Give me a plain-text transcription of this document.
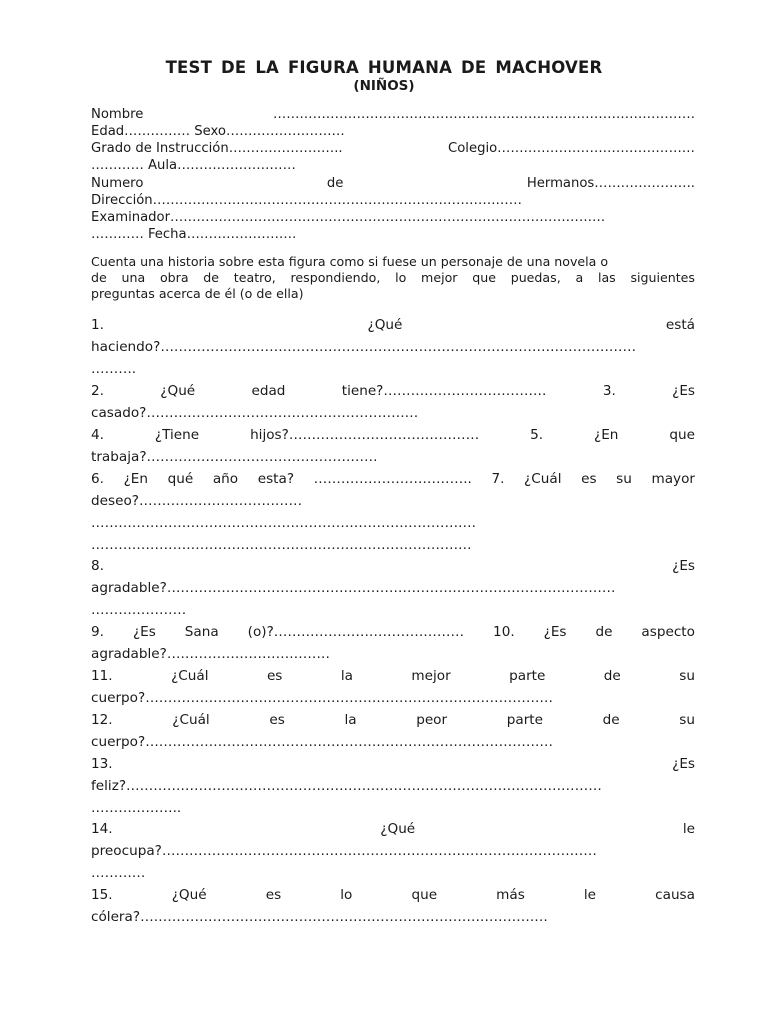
TEST DE LA FIGURA HUMANA DE MACHOVER
(NIÑOS)
Nombre	……………………………………………………………………………………
Edad…………… Sexo………………………
Grado de Instrucción……………………..	Colegio………………………………………
………… Aula………………………
Numero	de	Hermanos…………………..
Dirección…………………………………………………………………………
Examinador………………………………………………………………………………………
………… Fecha…………………….
Cuenta una historia sobre esta figura como si fuese un personaje de una novela o
de una obra de teatro, respondiendo, lo mejor que puedas, a las siguientes
preguntas acerca de él (o de ella)
1.	¿Qué	está
haciendo?……………………………………………………………………………………………
……….
2.	¿Qué	edad	tiene?………………………………	3.	¿Es
casado?……………………………………………………
4.	¿Tiene	hijos?……………………………………	5.	¿En	que
trabaja?……………………………………………
6. ¿En qué año esta? …………………………….. 7. ¿Cuál es su mayor
deseo?………………………………
………………………………………………………………………….
…………………………………………………………………………
8.	¿Es
agradable?………………………………………………………………………………………
…………………
9. ¿Es Sana (o)?…………………………………… 10. ¿Es de aspecto
agradable?………………………………
11.	¿Cuál	es	la	mejor	parte	de	su
cuerpo?………………………………………………………………………………
12.	¿Cuál	es	la	peor	parte	de	su
cuerpo?………………………………………………………………………………
13.	¿Es
feliz?……………………………………………………………………………………………
………………..
14.	¿Qué	le
preocupa?……………………………………………………………………………………
…………
15.	¿Qué	es	lo	que	más	le	causa
cólera?………………………………………………………………………………
